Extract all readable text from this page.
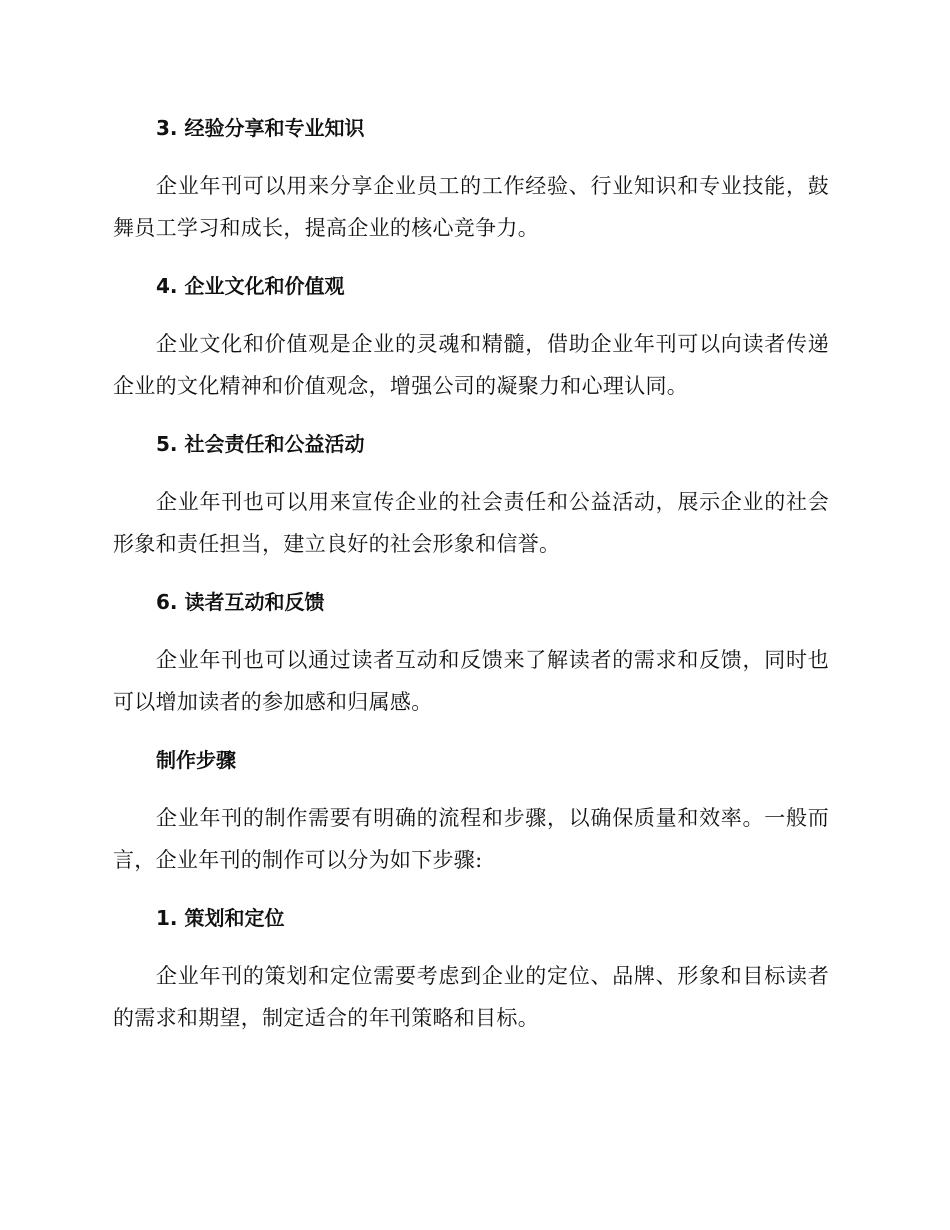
3. 经验分享和专业知识

企业年刊可以用来分享企业员工的工作经验、行业知识和专业技能，鼓舞员工学习和成长，提高企业的核心竞争力。

4. 企业文化和价值观

企业文化和价值观是企业的灵魂和精髓，借助企业年刊可以向读者传递企业的文化精神和价值观念，增强公司的凝聚力和心理认同。

5. 社会责任和公益活动

企业年刊也可以用来宣传企业的社会责任和公益活动，展示企业的社会形象和责任担当，建立良好的社会形象和信誉。

6. 读者互动和反馈

企业年刊也可以通过读者互动和反馈来了解读者的需求和反馈，同时也可以增加读者的参加感和归属感。

制作步骤

企业年刊的制作需要有明确的流程和步骤，以确保质量和效率。一般而言，企业年刊的制作可以分为如下步骤:

1. 策划和定位

企业年刊的策划和定位需要考虑到企业的定位、品牌、形象和目标读者的需求和期望，制定适合的年刊策略和目标。
